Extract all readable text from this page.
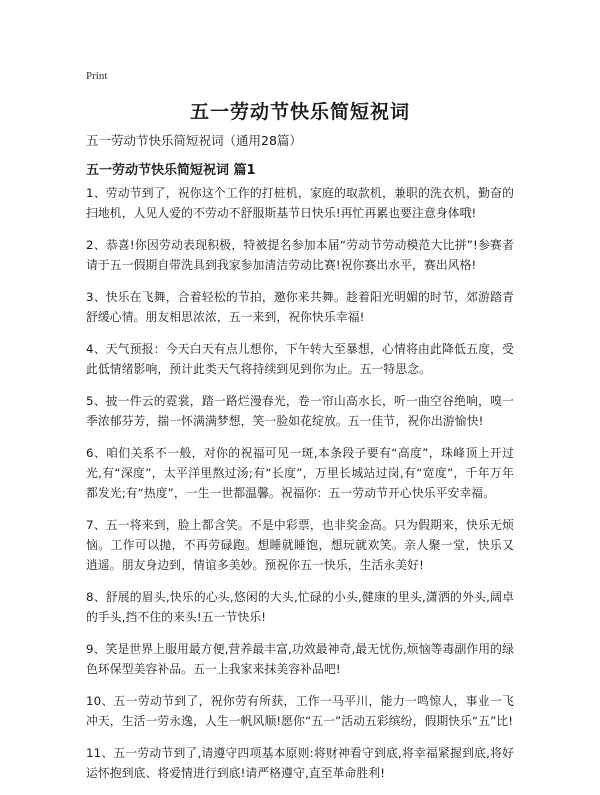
Print
五一劳动节快乐简短祝词
五一劳动节快乐简短祝词（通用28篇）
五一劳动节快乐简短祝词 篇1

1、劳动节到了，祝你这个工作的打桩机，家庭的取款机，兼职的洗衣机，勤奋的扫地机，人见人爱的不劳动不舒服斯基节日快乐!再忙再累也要注意身体哦!

2、恭喜!你因劳动表现积极，特被提名参加本届“劳动节劳动模范大比拼”!参赛者请于五一假期自带洗具到我家参加清洁劳动比赛!祝你赛出水平，赛出风格!

3、快乐在飞舞，合着轻松的节拍，邀你来共舞。趁着阳光明媚的时节，郊游踏青舒缓心情。朋友相思浓浓，五一来到，祝你快乐幸福!

4、天气预报：今天白天有点儿想你，下午转大至暴想，心情将由此降低五度，受此低情绪影响，预计此类天气将持续到见到你为止。五一特思念。

5、披一件云的霓裳，踏一路烂漫春光，卷一帘山高水长，听一曲空谷绝响，嗅一季浓郁芬芳，揣一怀满满梦想，笑一脸如花绽放。五一佳节，祝你出游愉快!

6、咱们关系不一般，对你的祝福可见一斑,本条段子要有“高度”，珠峰顶上开过光,有“深度”，太平洋里熬过汤;有“长度”，万里长城站过岗,有“宽度”，千年万年都发光;有“热度”，一生一世都温馨。祝福你：五一劳动节开心快乐平安幸福。

7、五一将来到，脸上都含笑。不是中彩票，也非奖金高。只为假期来，快乐无烦恼。工作可以抛，不再劳碌跑。想睡就睡饱，想玩就欢笑。亲人聚一堂，快乐又逍遥。朋友身边到，情谊多美妙。预祝你五一快乐，生活永美好!

8、舒展的眉头,快乐的心头,悠闲的大头,忙碌的小头,健康的里头,潇洒的外头,阔卓的手头,挡不住的来头!五一节快乐!

9、笑是世界上服用最方便,营养最丰富,功效最神奇,最无忧伤,烦恼等毒副作用的绿色环保型美容补品。五一上我家来抹美容补品吧!

10、五一劳动节到了，祝你劳有所获，工作一马平川，能力一鸣惊人，事业一飞冲天，生活一劳永逸，人生一帆风顺!愿你“五一”活动五彩缤纷，假期快乐“五”比!

11、五一劳动节到了,请遵守四项基本原则:将财神看守到底,将幸福紧握到底,将好运怀抱到底、将爱情进行到底!请严格遵守,直至革命胜利!
